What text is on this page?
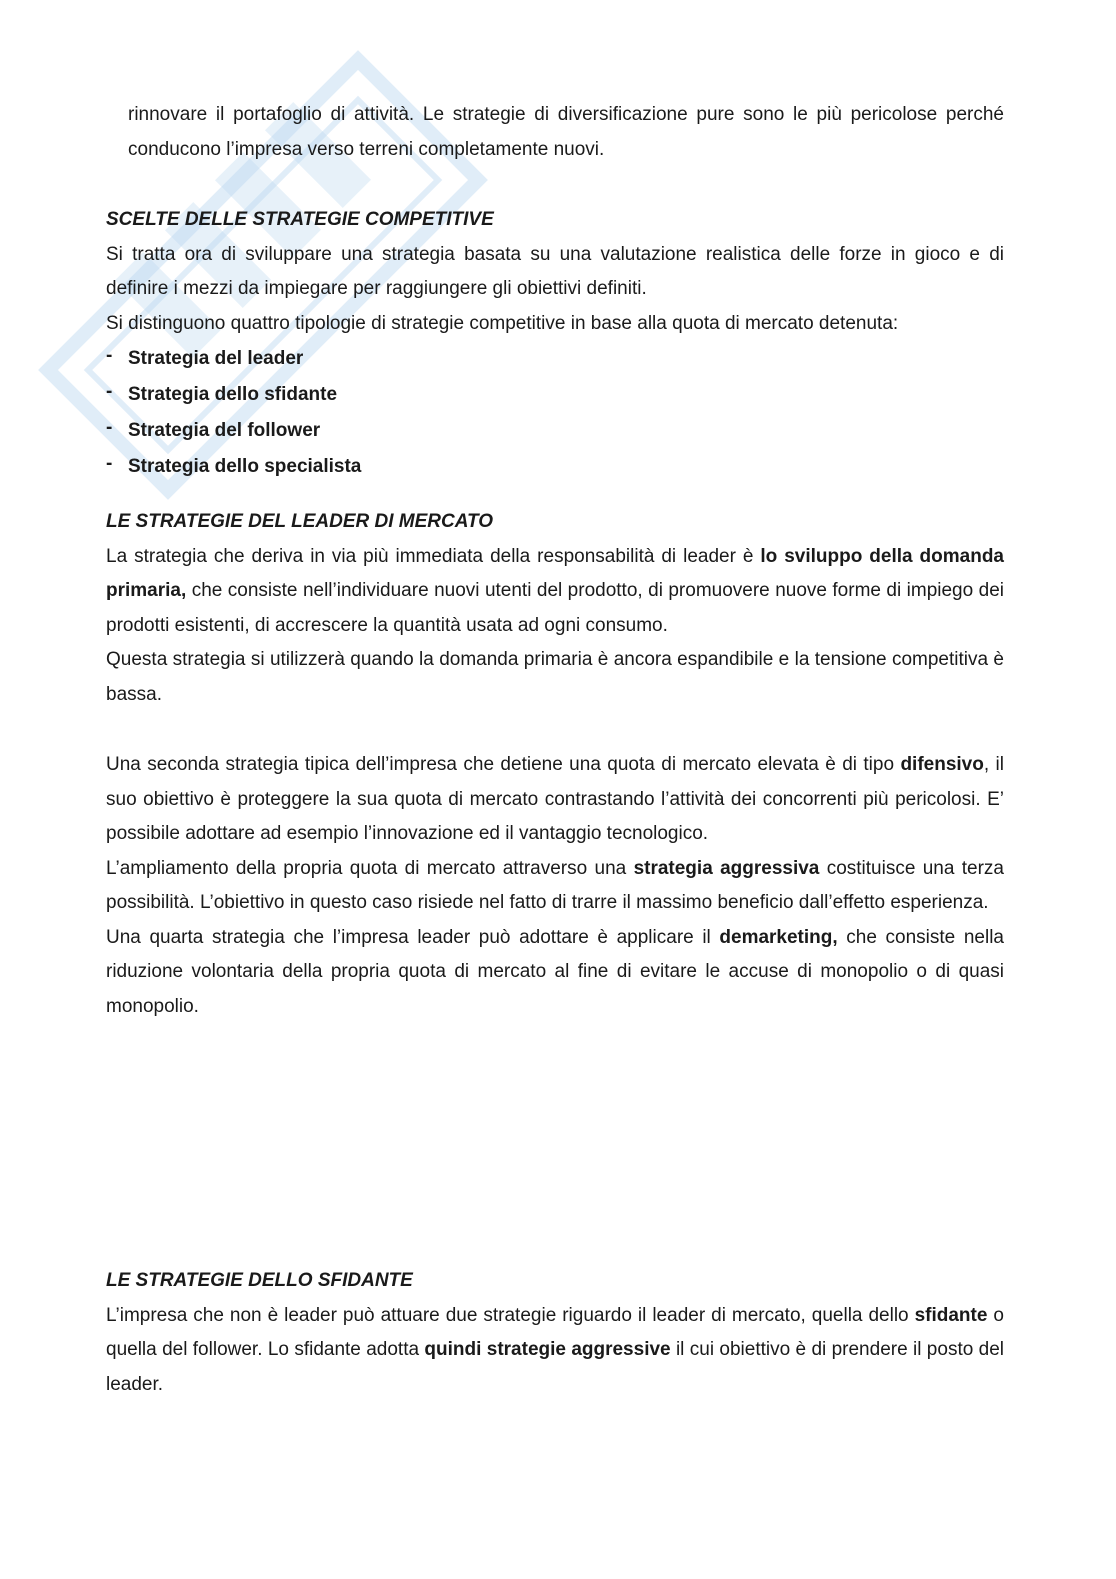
rinnovare il portafoglio di attività. Le strategie di diversificazione pure sono le più pericolose perché conducono l’impresa verso terreni completamente nuovi.

SCELTE DELLE STRATEGIE COMPETITIVE

Si tratta ora di sviluppare una strategia basata su una valutazione realistica delle forze in gioco e di definire i mezzi da impiegare per raggiungere gli obiettivi definiti.

Si distinguono quattro tipologie di strategie competitive in base alla quota di mercato detenuta:

- Strategia del leader
- Strategia dello sfidante
- Strategia del follower
- Strategia dello specialista
LE STRATEGIE DEL LEADER DI MERCATO

La strategia che deriva in via più immediata della responsabilità di leader è lo sviluppo della domanda primaria, che consiste nell’individuare nuovi utenti del prodotto, di promuovere nuove forme di impiego dei prodotti esistenti, di accrescere la quantità usata ad ogni consumo.

Questa strategia si utilizzerà quando la domanda primaria è ancora espandibile e la tensione competitiva è bassa.

Una seconda strategia tipica dell’impresa che detiene una quota di mercato elevata è di tipo difensivo, il suo obiettivo è proteggere la sua quota di mercato contrastando l’attività dei concorrenti più pericolosi. E’ possibile adottare ad esempio l’innovazione ed il vantaggio tecnologico.

L’ampliamento della propria quota di mercato attraverso una strategia aggressiva costituisce una terza possibilità. L’obiettivo in questo caso risiede nel fatto di trarre il massimo beneficio dall’effetto esperienza.

Una quarta strategia che l’impresa leader può adottare è applicare il demarketing, che consiste nella riduzione volontaria della propria quota di mercato al fine di evitare le accuse di monopolio o di quasi monopolio.

LE STRATEGIE DELLO SFIDANTE

L’impresa che non è leader può attuare due strategie riguardo il leader di mercato, quella dello sfidante o quella del follower. Lo sfidante adotta quindi strategie aggressive il cui obiettivo è di prendere il posto del leader.
